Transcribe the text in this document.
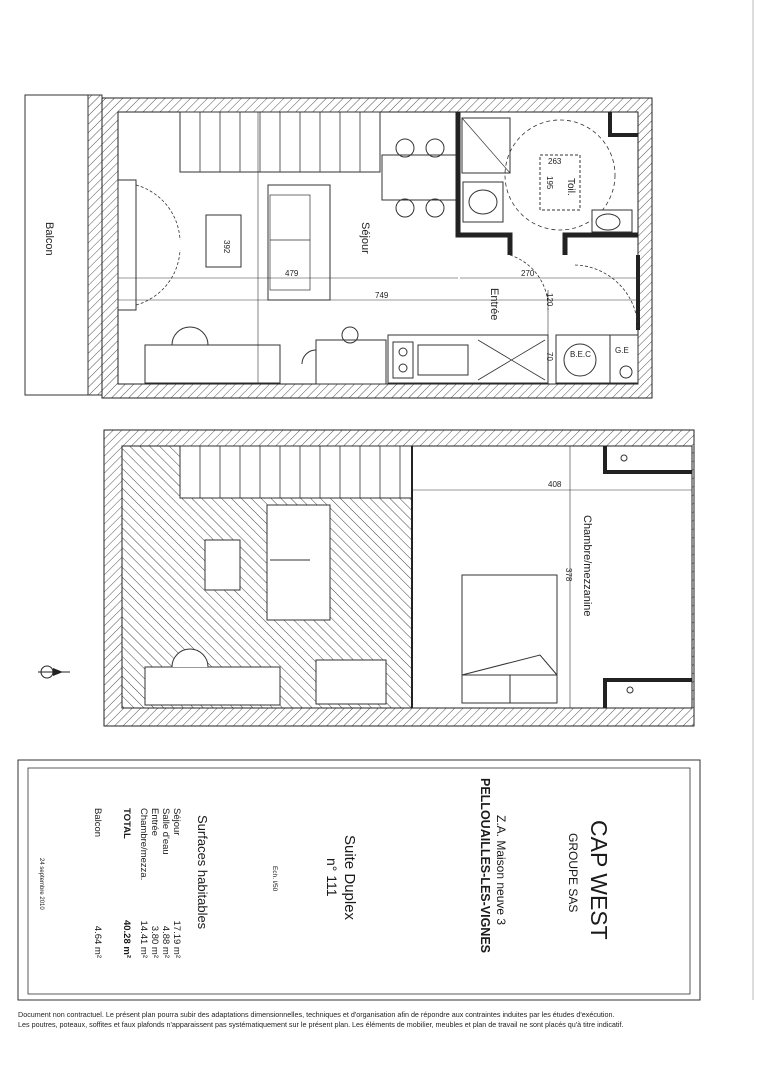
Balcon	Séjour
Entrée
Toil.
B.E.C	G.E
263
195
392
479	270
749	120
70
408
378 Chambre/mezzanine
CAP WEST
GROUPE SAS
Z.A. Maison neuve 3
PELLOUAILLES-LES-VIGNES
Suite Duplex
n° 111
Ech. l/50
Surfaces habitables
Séjour
17.19 m²
Salle d'eau
4.88 m²
Entrée
3.80 m²
Chambre/mezza.
14.41 m²
TOTAL
40.28 m²
Balcon
4.64 m²
24 septembre 2010
Document non contractuel. Le présent plan pourra subir des adaptations dimensionnelles, techniques et d'organisation afin de répondre aux contraintes induites par les études d'exécution.
Les poutres, poteaux, soffites et faux plafonds n'apparaissent pas systématiquement sur le présent plan. Les éléments de mobilier, meubles et plan de travail ne sont placés qu'à titre indicatif.
